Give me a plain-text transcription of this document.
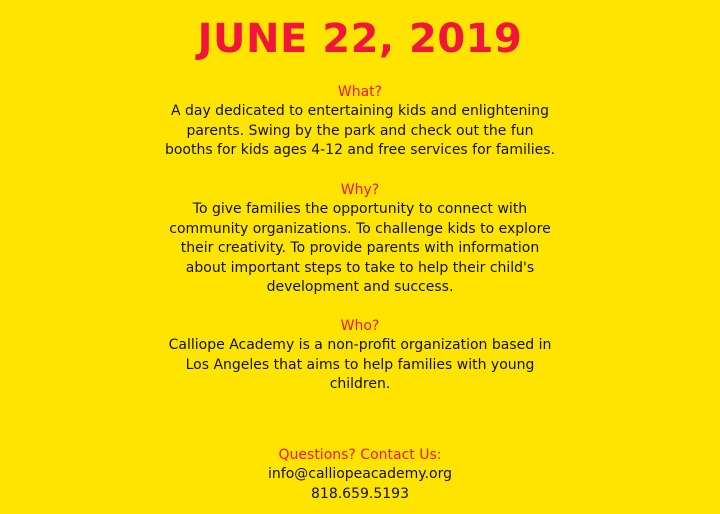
JUNE 22, 2019
What?
A day dedicated to entertaining kids and enlightening
parents. Swing by the park and check out the fun
booths for kids ages 4-12 and free services for families.
Why?
To give families the opportunity to connect with
community organizations. To challenge kids to explore
their creativity. To provide parents with information
about important steps to take to help their child's
development and success.
Who?
Calliope Academy is a non-profit organization based in
Los Angeles that aims to help families with young
children.
Questions? Contact Us:
info@calliopeacademy.org
818.659.5193
